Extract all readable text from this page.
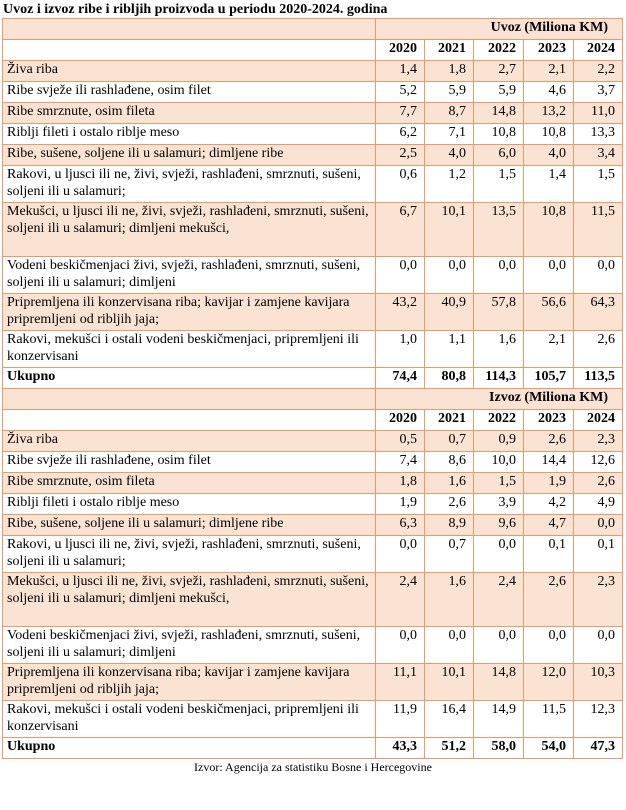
Uvoz i izvoz ribe i ribljih proizvoda u periodu 2020-2024. godina
	Uvoz (Miliona KM)				
	2020	2021	2022	2023	2024
Živa riba	1,4	1,8	2,7	2,1	2,2
Ribe svježe ili rashlađene, osim filet	5,2	5,9	5,9	4,6	3,7
Ribe smrznute, osim fileta	7,7	8,7	14,8	13,2	11,0
Riblji fileti i ostalo riblje meso	6,2	7,1	10,8	10,8	13,3
Ribe, sušene, soljene ili u salamuri; dimljene ribe	2,5	4,0	6,0	4,0	3,4
Rakovi, u ljusci ili ne, živi, svježi, rashlađeni, smrznuti, sušeni, soljeni ili u salamuri;	0,6	1,2	1,5	1,4	1,5
Mekušci, u ljusci ili ne, živi, svježi, rashlađeni, smrznuti, sušeni, soljeni ili u salamuri; dimljeni mekušci,	6,7	10,1	13,5	10,8	11,5
Vodeni beskičmenjaci živi, svježi, rashlađeni, smrznuti, sušeni, soljeni ili u salamuri; dimljeni	0,0	0,0	0,0	0,0	0,0
Pripremljena ili konzervisana riba; kavijar i zamjene kavijara pripremljeni od ribljih jaja;	43,2	40,9	57,8	56,6	64,3
Rakovi, mekušci i ostali vodeni beskičmenjaci, pripremljeni ili konzervisani	1,0	1,1	1,6	2,1	2,6
Ukupno	74,4	80,8	114,3	105,7	113,5
	Izvoz (Miliona KM)				
	2020	2021	2022	2023	2024
Živa riba	0,5	0,7	0,9	2,6	2,3
Ribe svježe ili rashlađene, osim filet	7,4	8,6	10,0	14,4	12,6
Ribe smrznute, osim fileta	1,8	1,6	1,5	1,9	2,6
Riblji fileti i ostalo riblje meso	1,9	2,6	3,9	4,2	4,9
Ribe, sušene, soljene ili u salamuri; dimljene ribe	6,3	8,9	9,6	4,7	0,0
Rakovi, u ljusci ili ne, živi, svježi, rashlađeni, smrznuti, sušeni, soljeni ili u salamuri;	0,0	0,7	0,0	0,1	0,1
Mekušci, u ljusci ili ne, živi, svježi, rashlađeni, smrznuti, sušeni, soljeni ili u salamuri; dimljeni mekušci,	2,4	1,6	2,4	2,6	2,3
Vodeni beskičmenjaci živi, svježi, rashlađeni, smrznuti, sušeni, soljeni ili u salamuri; dimljeni	0,0	0,0	0,0	0,0	0,0
Pripremljena ili konzervisana riba; kavijar i zamjene kavijara pripremljeni od ribljih jaja;	11,1	10,1	14,8	12,0	10,3
Rakovi, mekušci i ostali vodeni beskičmenjaci, pripremljeni ili konzervisani	11,9	16,4	14,9	11,5	12,3
Ukupno	43,3	51,2	58,0	54,0	47,3
Izvor: Agencija za statistiku Bosne i Hercegovine
